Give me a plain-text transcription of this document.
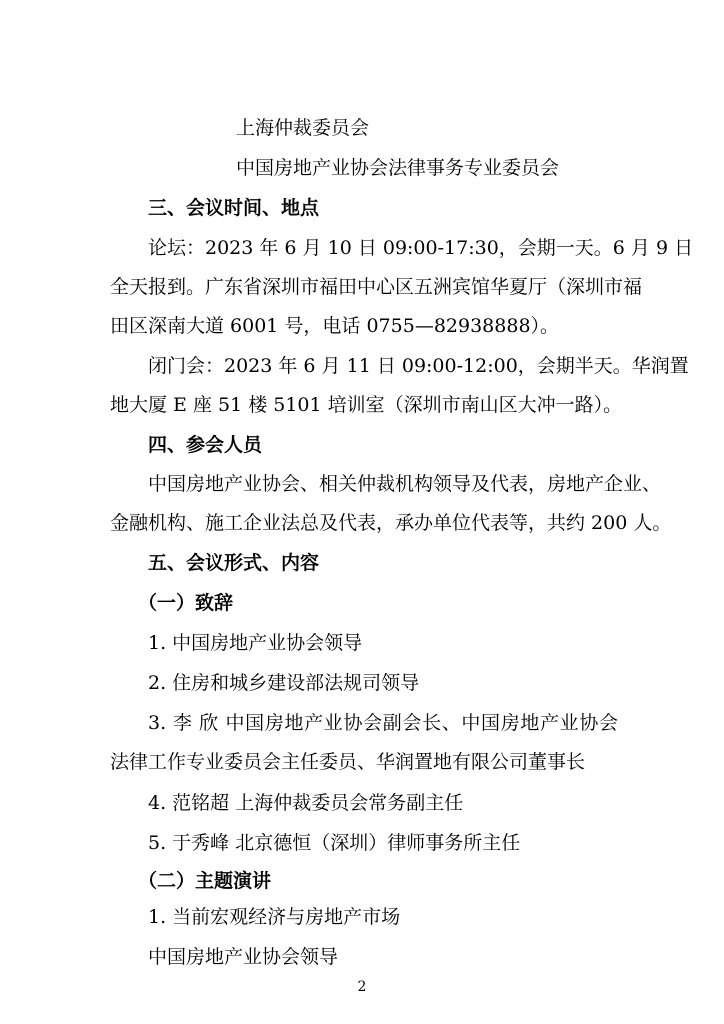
上海仲裁委员会
中国房地产业协会法律事务专业委员会
三、会议时间、地点
论坛：2023 年 6 月 10 日 09:00-17:30，会期一天。6 月 9 日
全天报到。广东省深圳市福田中心区五洲宾馆华夏厅（深圳市福
田区深南大道 6001 号，电话 0755—82938888）。
闭门会：2023 年 6 月 11 日 09:00-12:00，会期半天。华润置
地大厦 E 座 51 楼 5101 培训室（深圳市南山区大冲一路）。
四、参会人员
中国房地产业协会、相关仲裁机构领导及代表，房地产企业、
金融机构、施工企业法总及代表，承办单位代表等，共约 200 人。
五、会议形式、内容
（一）致辞
1. 中国房地产业协会领导
2. 住房和城乡建设部法规司领导
3. 李 欣 中国房地产业协会副会长、中国房地产业协会
法律工作专业委员会主任委员、华润置地有限公司董事长
4. 范铭超 上海仲裁委员会常务副主任
5. 于秀峰 北京德恒（深圳）律师事务所主任
（二）主题演讲
1. 当前宏观经济与房地产市场
中国房地产业协会领导
2
